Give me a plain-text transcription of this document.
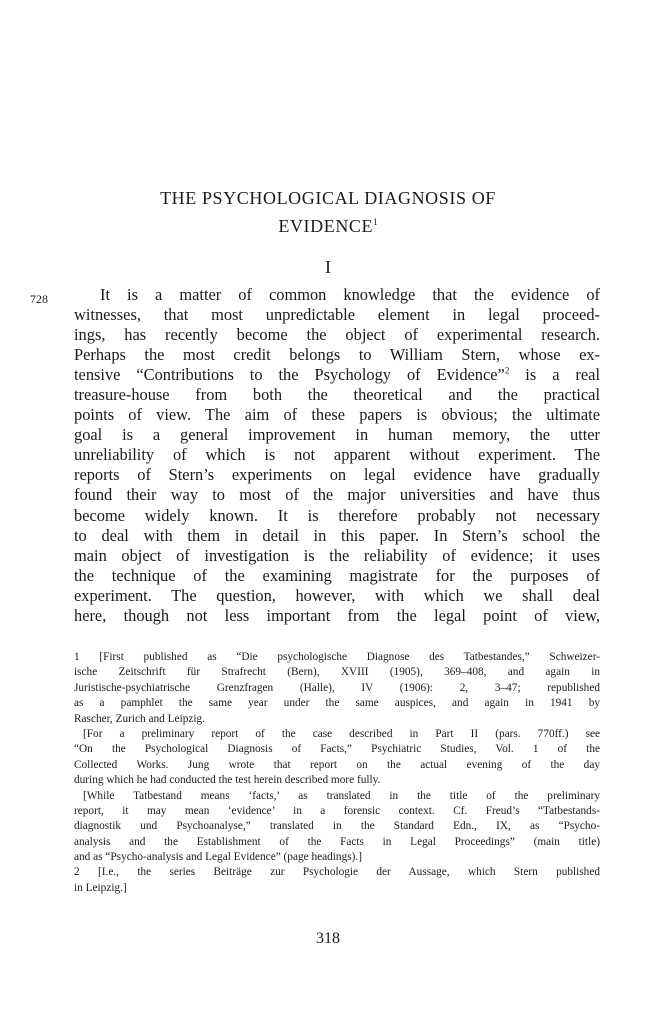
THE PSYCHOLOGICAL DIAGNOSIS OF
EVIDENCE$^1$
I
728	It is a matter of common knowledge that the evidence of
witnesses, that most unpredictable element in legal proceed-
ings, has recently become the object of experimental research.
Perhaps the most credit belongs to William Stern, whose ex-
tensive “Contributions to the Psychology of Evidence”$^2$ is a real
treasure-house from both the theoretical and the practical
points of view. The aim of these papers is obvious; the ultimate
goal is a general improvement in human memory, the utter
unreliability of which is not apparent without experiment. The
reports of Stern’s experiments on legal evidence have gradually
found their way to most of the major universities and have thus
become widely known. It is therefore probably not necessary
to deal with them in detail in this paper. In Stern’s school the
main object of investigation is the reliability of evidence; it uses
the technique of the examining magistrate for the purposes of
experiment. The question, however, with which we shall deal
here, though not less important from the legal point of view,
1 [First published as “Die psychologische Diagnose des Tatbestandes,” Schweizer-
ische Zeitschrift für Strafrecht (Bern), XVIII (1905), 369–408, and again in
Juristische-psychiatrische Grenzfragen (Halle), IV (1906): 2, 3–47; republished
as a pamphlet the same year under the same auspices, and again in 1941 by
Rascher, Zurich and Leipzig.
[For a preliminary report of the case described in Part II (pars. 770ff.) see
“On the Psychological Diagnosis of Facts,” Psychiatric Studies, Vol. 1 of the
Collected Works. Jung wrote that report on the actual evening of the day
during which he had conducted the test herein described more fully.
[While Tatbestand means ‘facts,’ as translated in the title of the preliminary
report, it may mean ‘evidence’ in a forensic context. Cf. Freud’s “Tatbestands-
diagnostik und Psychoanalyse,” translated in the Standard Edn., IX, as “Psycho-
analysis and the Establishment of the Facts in Legal Proceedings” (main title)
and as “Psycho-analysis and Legal Evidence” (page headings).]
2 [I.e., the series Beiträge zur Psychologie der Aussage, which Stern published
in Leipzig.]
318
